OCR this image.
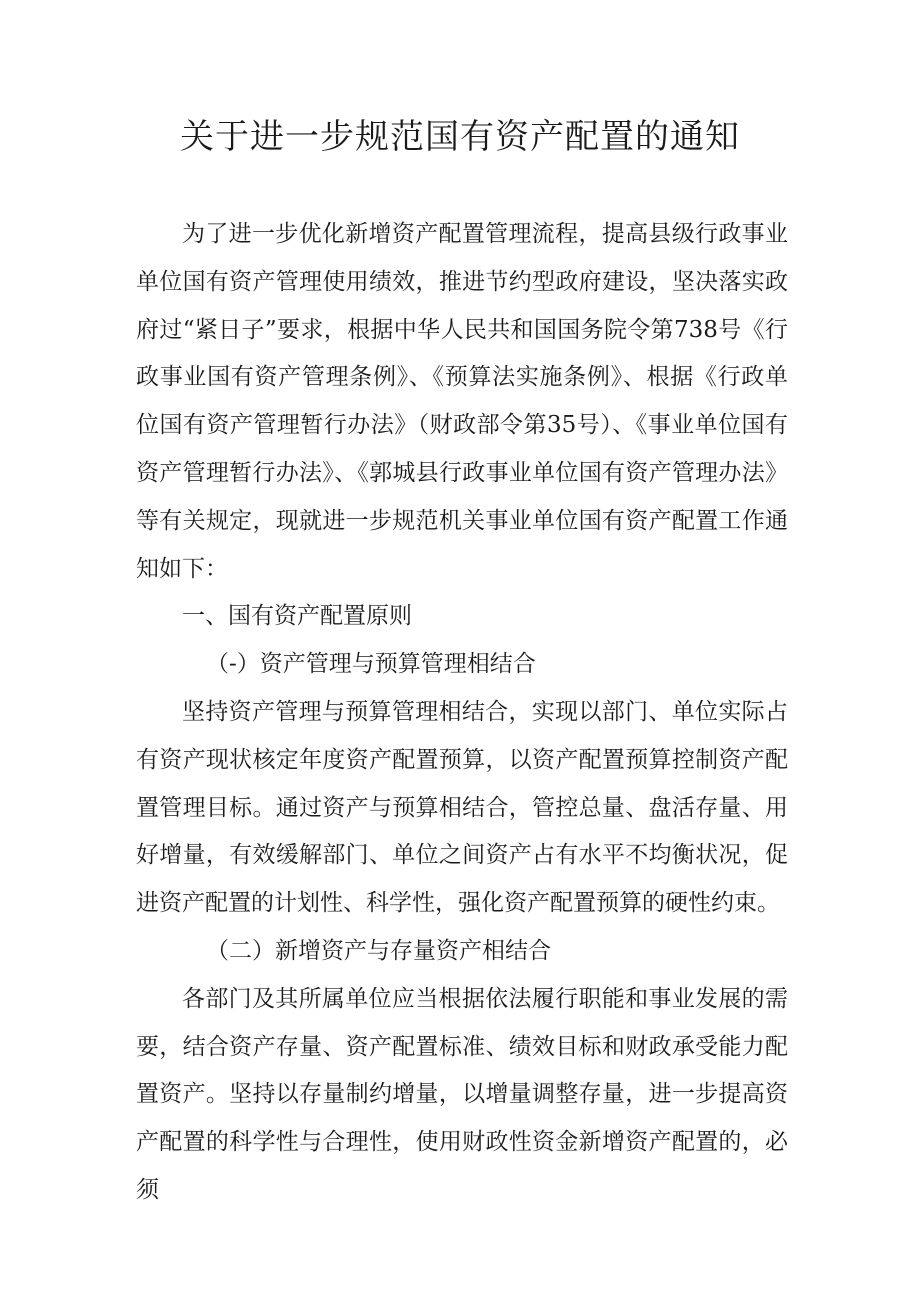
关于进一步规范国有资产配置的通知

为了进一步优化新增资产配置管理流程，提高县级行政事业单位国有资产管理使用绩效，推进节约型政府建设，坚决落实政府过“紧日子”要求，根据中华人民共和国国务院令第738号《行政事业国有资产管理条例》、《预算法实施条例》、根据《行政单位国有资产管理暂行办法》（财政部令第35号）、《事业单位国有资产管理暂行办法》、《郭城县行政事业单位国有资产管理办法》等有关规定，现就进一步规范机关事业单位国有资产配置工作通知如下：

一、国有资产配置原则

（-）资产管理与预算管理相结合

坚持资产管理与预算管理相结合，实现以部门、单位实际占有资产现状核定年度资产配置预算，以资产配置预算控制资产配置管理目标。通过资产与预算相结合，管控总量、盘活存量、用好增量，有效缓解部门、单位之间资产占有水平不均衡状况，促进资产配置的计划性、科学性，强化资产配置预算的硬性约束。

（二）新增资产与存量资产相结合

各部门及其所属单位应当根据依法履行职能和事业发展的需要，结合资产存量、资产配置标准、绩效目标和财政承受能力配置资产。坚持以存量制约增量，以增量调整存量，进一步提高资产配置的科学性与合理性，使用财政性资金新增资产配置的，必须
